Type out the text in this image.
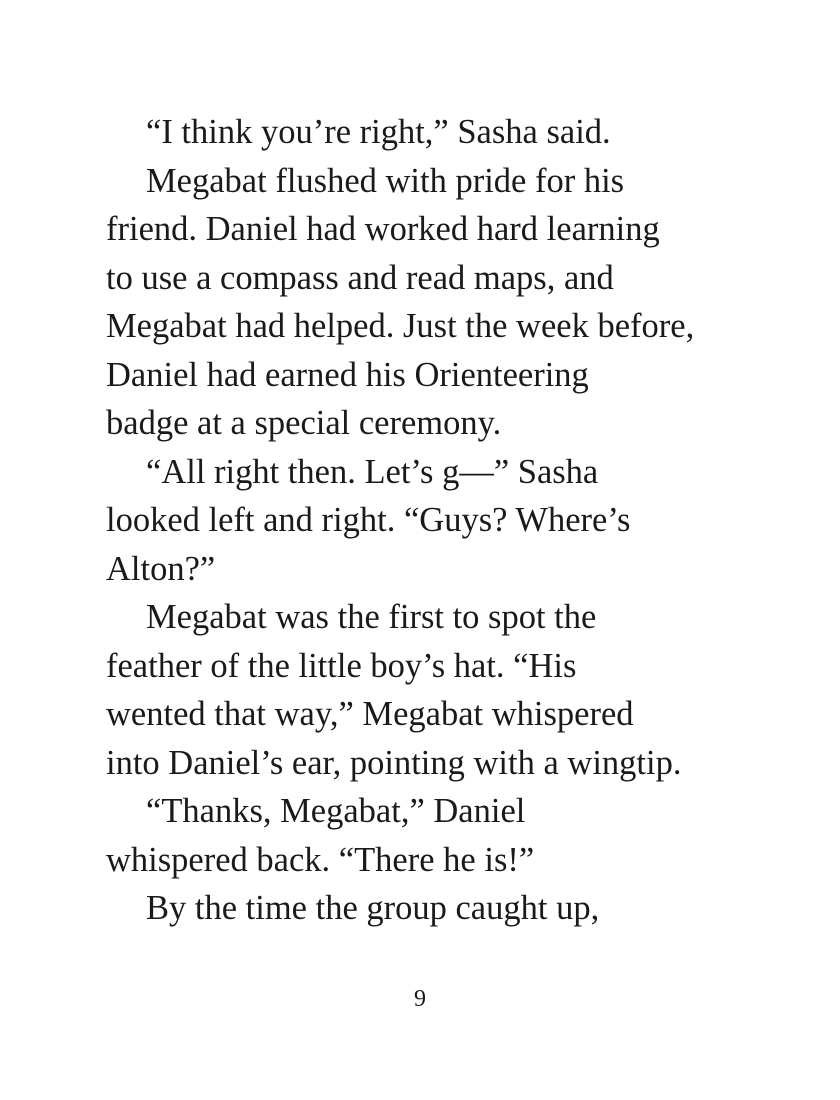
“I think you’re right,” Sasha said.
Megabat flushed with pride for his
friend. Daniel had worked hard learning
to use a compass and read maps, and
Megabat had helped. Just the week before,
Daniel had earned his Orienteering
badge at a special ceremony.
“All right then. Let’s g—” Sasha
looked left and right. “Guys? Where’s
Alton?”
Megabat was the first to spot the
feather of the little boy’s hat. “His
wented that way,” Megabat whispered
into Daniel’s ear, pointing with a wingtip.
“Thanks, Megabat,” Daniel
whispered back. “There he is!”
By the time the group caught up,
9
